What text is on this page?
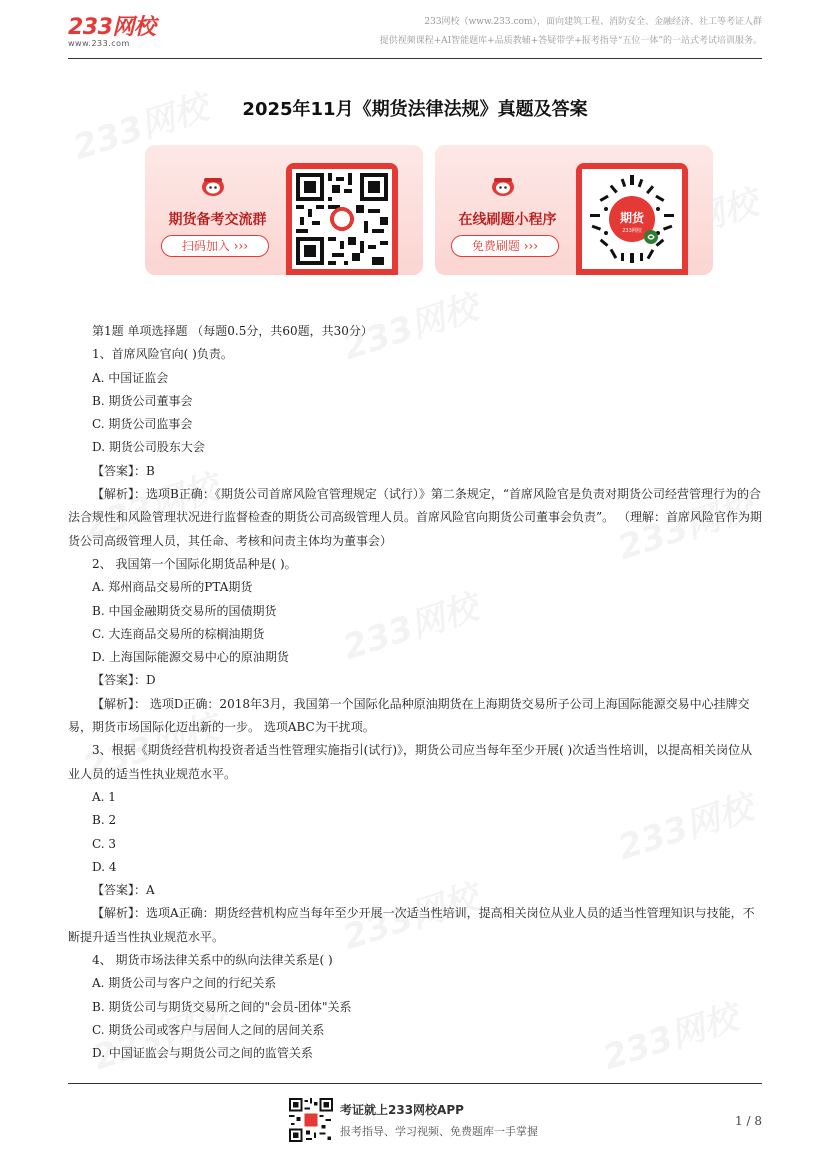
233网校
www.233.com
233网校（www.233.com），面向建筑工程、消防安全、金融经济、社工等考证人群
提供视频课程+AI智能题库+品质教辅+答疑带学+报考指导“五位一体”的一站式考试培训服务。
2025年11月《期货法律法规》真题及答案
期货备考交流群
扫码加入 ›››
在线刷题小程序
免费刷题 ›››
期货
233网校
第1题 单项选择题 （每题0.5分，共60题，共30分）
1、首席风险官向( )负责。
A. 中国证监会
B. 期货公司董事会
C. 期货公司监事会
D. 期货公司股东大会
【答案】：B
【解析】：选项B正确：《期货公司首席风险官管理规定（试行）》第二条规定，“首席风险官是负责对期货公司经营管理行为的合法合规性和风险管理状况进行监督检查的期货公司高级管理人员。首席风险官向期货公司董事会负责”。 （理解：首席风险官作为期货公司高级管理人员，其任命、考核和问责主体均为董事会）
2、 我国第一个国际化期货品种是( )。
A. 郑州商品交易所的PTA期货
B. 中国金融期货交易所的国债期货
C. 大连商品交易所的棕榈油期货
D. 上海国际能源交易中心的原油期货
【答案】：D
【解析】： 选项D正确：2018年3月，我国第一个国际化品种原油期货在上海期货交易所子公司上海国际能源交易中心挂牌交易，期货市场国际化迈出新的一步。 选项ABC为干扰项。
3、根据《期货经营机构投资者适当性管理实施指引(试行)》，期货公司应当每年至少开展( )次适当性培训，以提高相关岗位从业人员的适当性执业规范水平。
A. 1
B. 2
C. 3
D. 4
【答案】：A
【解析】：选项A正确：期货经营机构应当每年至少开展一次适当性培训，提高相关岗位从业人员的适当性管理知识与技能，不断提升适当性执业规范水平。
4、 期货市场法律关系中的纵向法律关系是( )
A. 期货公司与客户之间的行纪关系
B. 期货公司与期货交易所之间的"会员-团体"关系
C. 期货公司或客户与居间人之间的居间关系
D. 中国证监会与期货公司之间的监管关系
考证就上233网校APP
报考指导、学习视频、免费题库一手掌握
1 / 8
